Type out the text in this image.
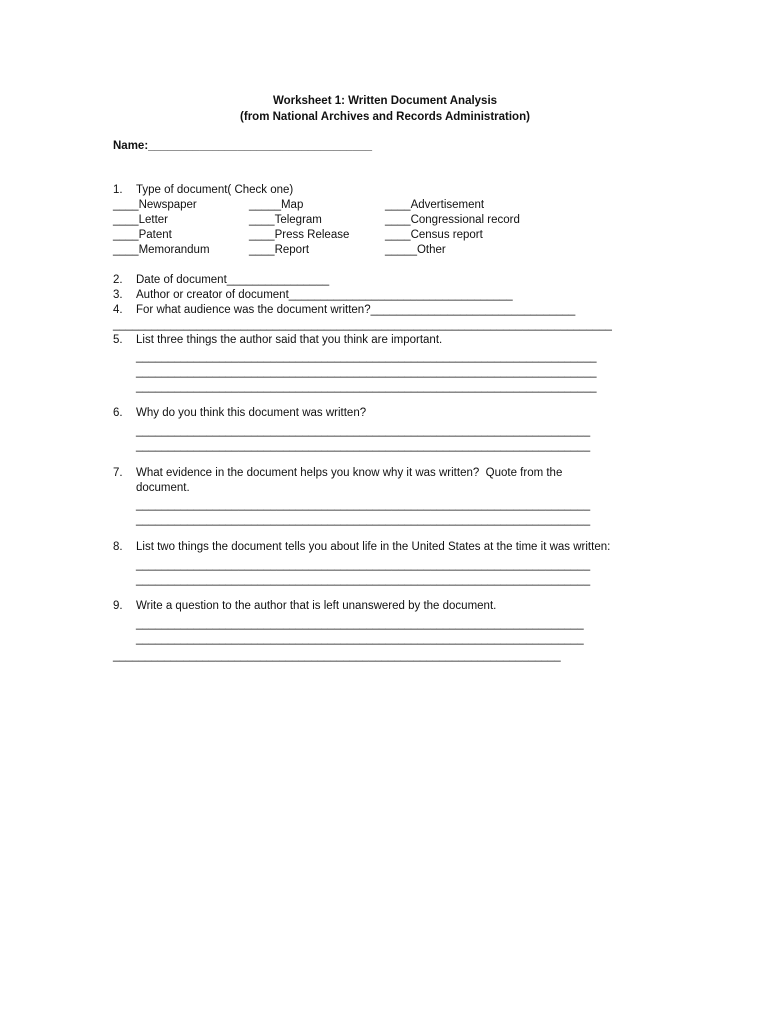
Worksheet 1: Written Document Analysis

(from National Archives and Records Administration)

Name:___________________________________

1. Type of document( Check one)

____Newspaper	_____Map	____Advertisement

____Letter	____Telegram	____Congressional record

____Patent	____Press Release	____Census report

____Memorandum	____Report	_____Other

2. Date of document________________

3. Author or creator of document___________________________________

4. For what audience was the document written?________________________________

______________________________________________________________________________

5. List three things the author said that you think are important.

________________________________________________________________________

________________________________________________________________________

________________________________________________________________________

6. Why do you think this document was written?

_______________________________________________________________________

_______________________________________________________________________

7. What evidence in the document helps you know why it was written?  Quote from the

document.

_______________________________________________________________________

_______________________________________________________________________

8. List two things the document tells you about life in the United States at the time it was written:

_______________________________________________________________________

_______________________________________________________________________

9. Write a question to the author that is left unanswered by the document.

______________________________________________________________________

______________________________________________________________________

______________________________________________________________________
